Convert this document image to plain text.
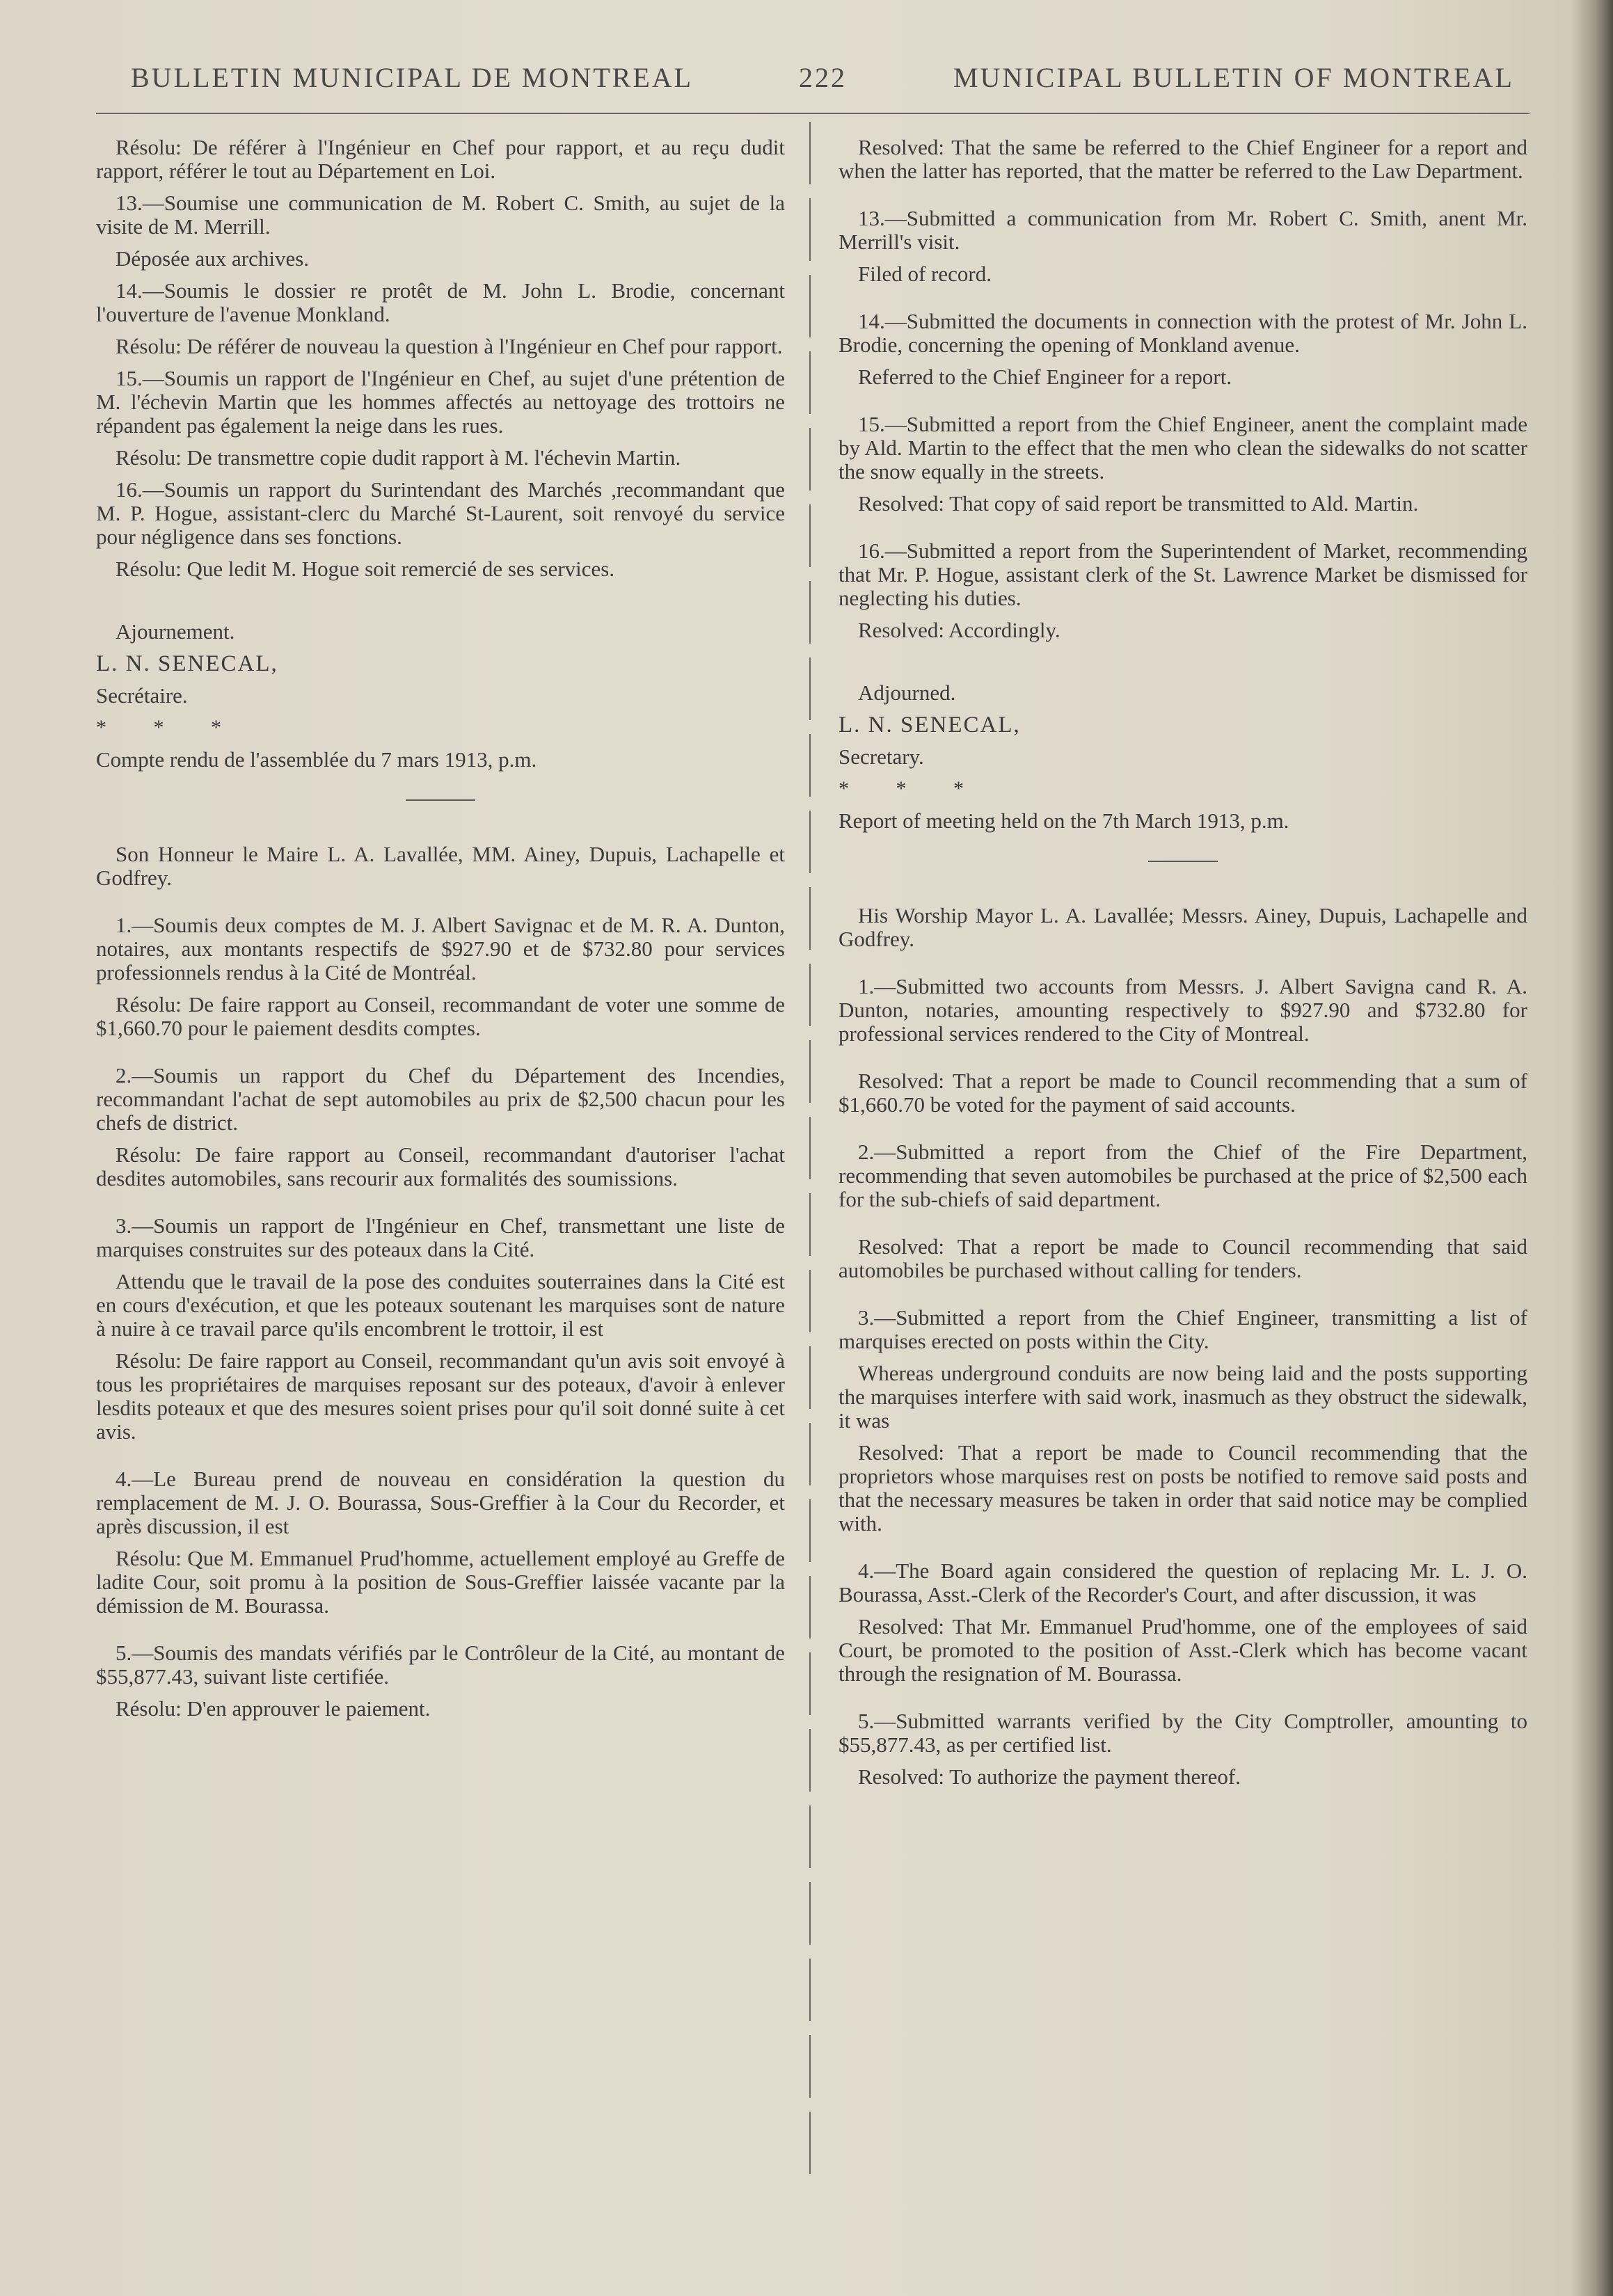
BULLETIN MUNICIPAL DE MONTREAL	222	MUNICIPAL BULLETIN OF MONTREAL

Résolu: De référer à l'Ingénieur en Chef pour rapport, et au reçu dudit rapport, référer le tout au Département en Loi.

13.—Soumise une communication de M. Robert C. Smith, au sujet de la visite de M. Merrill.

Déposée aux archives.

14.—Soumis le dossier re protêt de M. John L. Brodie, concernant l'ouverture de l'avenue Monkland.

Résolu: De référer de nouveau la question à l'Ingénieur en Chef pour rapport.

15.—Soumis un rapport de l'Ingénieur en Chef, au sujet d'une prétention de M. l'échevin Martin que les hommes affectés au nettoyage des trottoirs ne répandent pas également la neige dans les rues.

Résolu: De transmettre copie dudit rapport à M. l'échevin Martin.

16.—Soumis un rapport du Surintendant des Marchés ,recommandant que M. P. Hogue, assistant-clerc du Marché St-Laurent, soit renvoyé du service pour négligence dans ses fonctions.

Résolu: Que ledit M. Hogue soit remercié de ses services.

Ajournement.

L. N. SENECAL,

Secrétaire.

* * *

Compte rendu de l'assemblée du 7 mars 1913, p.m.

Son Honneur le Maire L. A. Lavallée, MM. Ainey, Dupuis, Lachapelle et Godfrey.

1.—Soumis deux comptes de M. J. Albert Savignac et de M. R. A. Dunton, notaires, aux montants respectifs de $927.90 et de $732.80 pour services professionnels rendus à la Cité de Montréal.

Résolu: De faire rapport au Conseil, recommandant de voter une somme de $1,660.70 pour le paiement desdits comptes.

2.—Soumis un rapport du Chef du Département des Incendies, recommandant l'achat de sept automobiles au prix de $2,500 chacun pour les chefs de district.

Résolu: De faire rapport au Conseil, recommandant d'autoriser l'achat desdites automobiles, sans recourir aux formalités des soumissions.

3.—Soumis un rapport de l'Ingénieur en Chef, transmettant une liste de marquises construites sur des poteaux dans la Cité.

Attendu que le travail de la pose des conduites souterraines dans la Cité est en cours d'exécution, et que les poteaux soutenant les marquises sont de nature à nuire à ce travail parce qu'ils encombrent le trottoir, il est

Résolu: De faire rapport au Conseil, recommandant qu'un avis soit envoyé à tous les propriétaires de marquises reposant sur des poteaux, d'avoir à enlever lesdits poteaux et que des mesures soient prises pour qu'il soit donné suite à cet avis.

4.—Le Bureau prend de nouveau en considération la question du remplacement de M. J. O. Bourassa, Sous-Greffier à la Cour du Recorder, et après discussion, il est

Résolu: Que M. Emmanuel Prud'homme, actuellement employé au Greffe de ladite Cour, soit promu à la position de Sous-Greffier laissée vacante par la démission de M. Bourassa.

5.—Soumis des mandats vérifiés par le Contrôleur de la Cité, au montant de $55,877.43, suivant liste certifiée.

Résolu: D'en approuver le paiement.

Resolved: That the same be referred to the Chief Engineer for a report and when the latter has reported, that the matter be referred to the Law Department.

13.—Submitted a communication from Mr. Robert C. Smith, anent Mr. Merrill's visit.

Filed of record.

14.—Submitted the documents in connection with the protest of Mr. John L. Brodie, concerning the opening of Monkland avenue.

Referred to the Chief Engineer for a report.

15.—Submitted a report from the Chief Engineer, anent the complaint made by Ald. Martin to the effect that the men who clean the sidewalks do not scatter the snow equally in the streets.

Resolved: That copy of said report be transmitted to Ald. Martin.

16.—Submitted a report from the Superintendent of Market, recommending that Mr. P. Hogue, assistant clerk of the St. Lawrence Market be dismissed for neglecting his duties.

Resolved: Accordingly.

Adjourned.

L. N. SENECAL,

Secretary.

* * *

Report of meeting held on the 7th March 1913, p.m.

His Worship Mayor L. A. Lavallée; Messrs. Ainey, Dupuis, Lachapelle and Godfrey.

1.—Submitted two accounts from Messrs. J. Albert Savigna cand R. A. Dunton, notaries, amounting respectively to $927.90 and $732.80 for professional services rendered to the City of Montreal.

Resolved: That a report be made to Council recommending that a sum of $1,660.70 be voted for the payment of said accounts.

2.—Submitted a report from the Chief of the Fire Department, recommending that seven automobiles be purchased at the price of $2,500 each for the sub-chiefs of said department.

Resolved: That a report be made to Council recommending that said automobiles be purchased without calling for tenders.

3.—Submitted a report from the Chief Engineer, transmitting a list of marquises erected on posts within the City.

Whereas underground conduits are now being laid and the posts supporting the marquises interfere with said work, inasmuch as they obstruct the sidewalk, it was

Resolved: That a report be made to Council recommending that the proprietors whose marquises rest on posts be notified to remove said posts and that the necessary measures be taken in order that said notice may be complied with.

4.—The Board again considered the question of replacing Mr. L. J. O. Bourassa, Asst.-Clerk of the Recorder's Court, and after discussion, it was

Resolved: That Mr. Emmanuel Prud'homme, one of the employees of said Court, be promoted to the position of Asst.-Clerk which has become vacant through the resignation of M. Bourassa.

5.—Submitted warrants verified by the City Comptroller, amounting to $55,877.43, as per certified list.

Resolved: To authorize the payment thereof.
